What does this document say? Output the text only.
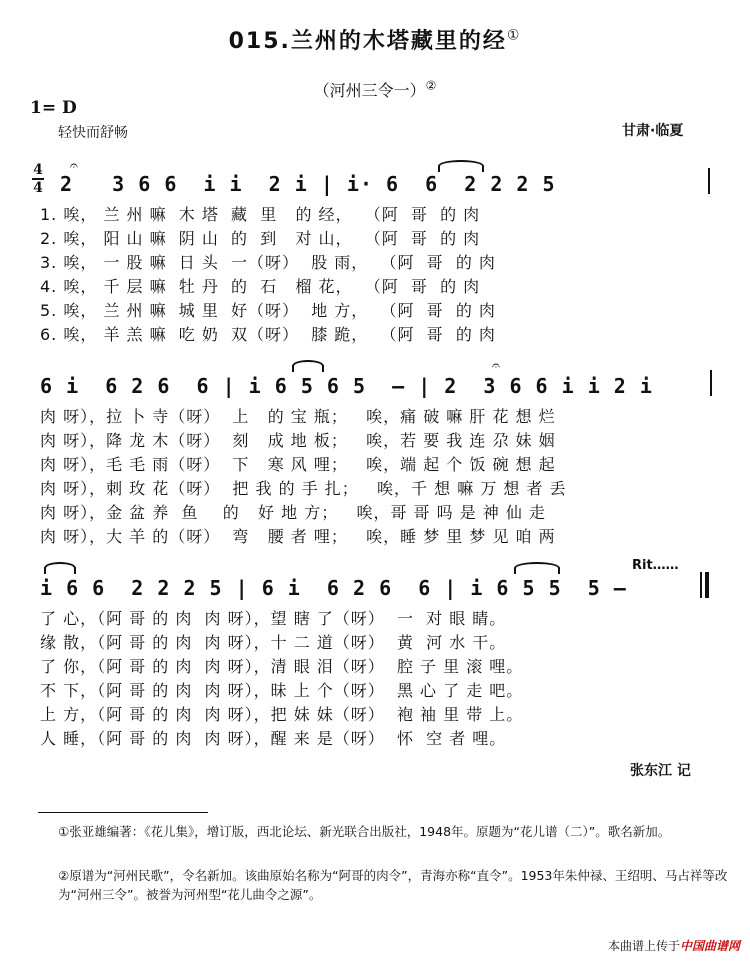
015.兰州的木塔藏里的经①
（河州三令一）②
1= D
轻快而舒畅	甘肃·临夏
4
4
𝄐
2   3 6 6  i i  2 i | i· 6  6  2 2 2 5
1. 唉， 兰 州 嘛  木 塔  藏  里   的 经，  （阿  哥  的 肉
2. 唉， 阳 山 嘛  阴 山  的  到   对 山，  （阿  哥  的 肉
3. 唉， 一 股 嘛  日 头  一（呀）  股 雨，  （阿  哥  的 肉
4. 唉， 千 层 嘛  牡 丹  的  石   榴 花，  （阿  哥  的 肉
5. 唉， 兰 州 嘛  城 里  好（呀）  地 方，  （阿  哥  的 肉
6. 唉， 羊 羔 嘛  吃 奶  双（呀）  膝 跪，  （阿  哥  的 肉
𝄐
6 i  6 2 6  6 | i 6 5 6 5  – | 2  3 6 6 i i 2 i
肉 呀），拉 卜 寺（呀）  上   的 宝 瓶；   唉，痛 破 嘛 肝 花 想 烂
肉 呀），降 龙 木（呀）  刻   成 地 板；   唉，若 要 我 连 尕 妹 姻
肉 呀），毛 毛 雨（呀）  下   寒 风 哩；   唉，端 起 个 饭 碗 想 起
肉 呀），刺 玫 花（呀）  把 我 的 手 扎；   唉，千 想 嘛 万 想 者 丢
肉 呀），金 盆 养  鱼    的   好 地 方；   唉，哥 哥 吗 是 神 仙 走
肉 呀），大 羊 的（呀）  弯   腰 者 哩；   唉，睡 梦 里 梦 见 咱 两
Rit……
i 6 6  2 2 2 5 | 6 i  6 2 6  6 | i 6 5 5  5 –
了 心，（阿 哥 的 肉  肉 呀），望 瞎 了（呀）  一  对 眼 睛。
缘 散，（阿 哥 的 肉  肉 呀），十 二 道（呀）  黄  河 水 干。
了 你，（阿 哥 的 肉  肉 呀），清 眼 泪（呀）  腔 子 里 滚 哩。
不 下，（阿 哥 的 肉  肉 呀），昧 上 个（呀）  黑 心 了 走 吧。
上 方，（阿 哥 的 肉  肉 呀），把 妹 妹（呀）  袍 袖 里 带 上。
人 睡，（阿 哥 的 肉  肉 呀），醒 来 是（呀）  怀  空 者 哩。
张东江 记
①张亚雄编著：《花儿集》，增订版，西北论坛、新光联合出版社，1948年。原题为“花儿谱（二）”。歌名新加。
②原谱为“河州民歌”，令名新加。该曲原始名称为“阿哥的肉令”，青海亦称“直令”。1953年朱仲禄、王绍明、马占祥等改为“河州三令”。被誉为河州型“花儿曲令之源”。
本曲谱上传于中国曲谱网
